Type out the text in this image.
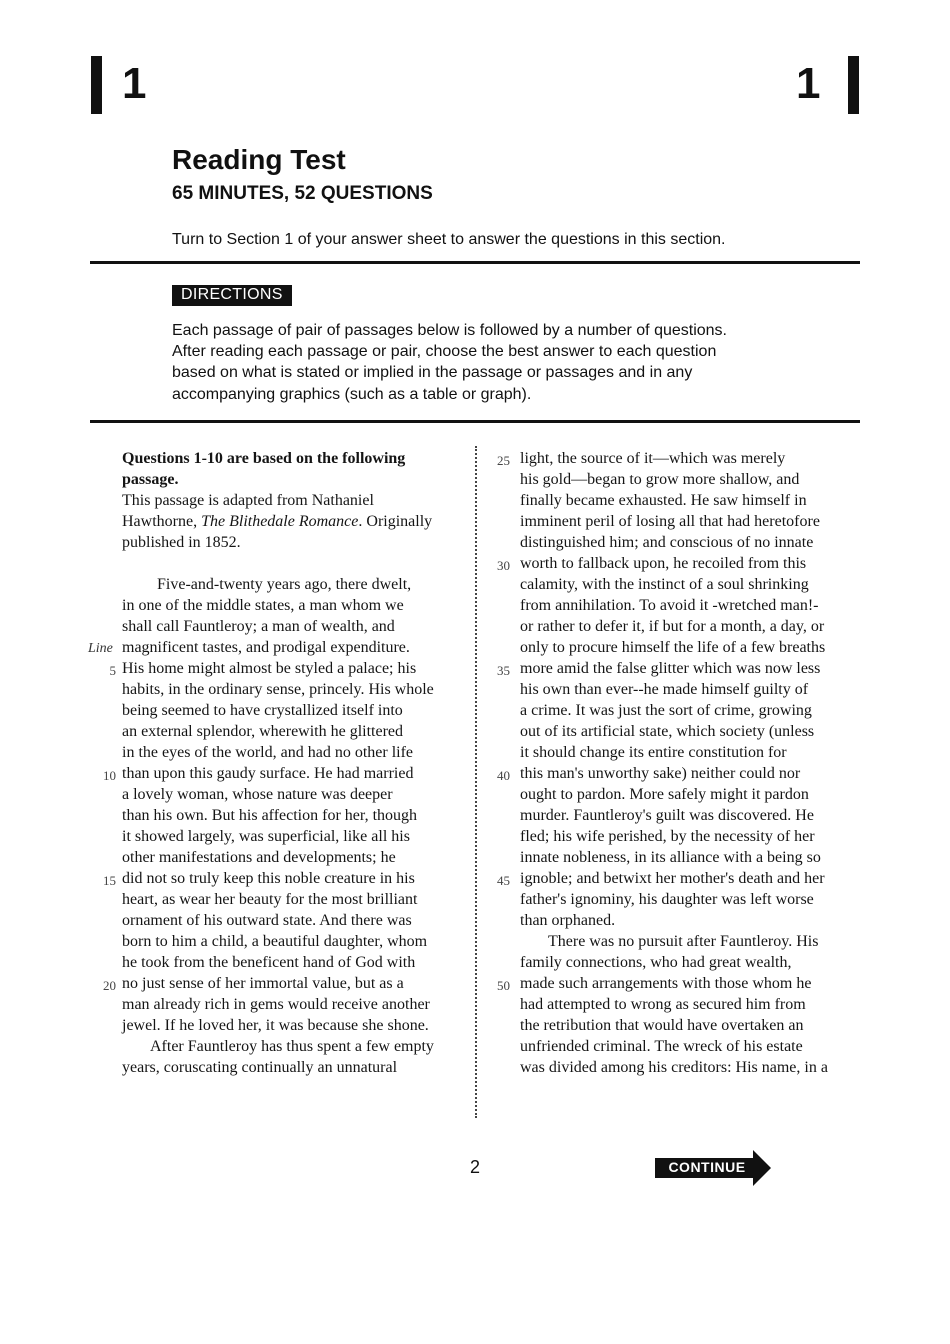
1	1
Reading Test
65 MINUTES, 52 QUESTIONS
Turn to Section 1 of your answer sheet to answer the questions in this section.
DIRECTIONS
Each passage of pair of passages below is followed by a number of questions.
After reading each passage or pair, choose the best answer to each question
based on what is stated or implied in the passage or passages and in any
accompanying graphics (such as a table or graph).
Questions 1-10 are based on the following
passage.
This passage is adapted from Nathaniel
Hawthorne, The Blithedale Romance. Originally
published in 1852.
Five-and-twenty years ago, there dwelt,
in one of the middle states, a man whom we
shall call Fauntleroy; a man of wealth, and
Line magnificent tastes, and prodigal expenditure.
5 His home might almost be styled a palace; his
habits, in the ordinary sense, princely. His whole
being seemed to have crystallized itself into
an external splendor, wherewith he glittered
in the eyes of the world, and had no other life
10 than upon this gaudy surface. He had married
a lovely woman, whose nature was deeper
than his own. But his affection for her, though
it showed largely, was superficial, like all his
other manifestations and developments; he
15 did not so truly keep this noble creature in his
heart, as wear her beauty for the most brilliant
ornament of his outward state. And there was
born to him a child, a beautiful daughter, whom
he took from the beneficent hand of God with
20 no just sense of her immortal value, but as a
man already rich in gems would receive another
jewel. If he loved her, it was because she shone.
After Fauntleroy has thus spent a few empty
years, coruscating continually an unnatural
25 light, the source of it—which was merely
his gold—began to grow more shallow, and
finally became exhausted. He saw himself in
imminent peril of losing all that had heretofore
distinguished him; and conscious of no innate
30 worth to fallback upon, he recoiled from this
calamity, with the instinct of a soul shrinking
from annihilation. To avoid it -wretched man!-
or rather to defer it, if but for a month, a day, or
only to procure himself the life of a few breaths
35 more amid the false glitter which was now less
his own than ever--he made himself guilty of
a crime. It was just the sort of crime, growing
out of its artificial state, which society (unless
it should change its entire constitution for
40 this man's unworthy sake) neither could nor
ought to pardon. More safely might it pardon
murder. Fauntleroy's guilt was discovered. He
fled; his wife perished, by the necessity of her
innate nobleness, in its alliance with a being so
45 ignoble; and betwixt her mother's death and her
father's ignominy, his daughter was left worse
than orphaned.
There was no pursuit after Fauntleroy. His
family connections, who had great wealth,
50 made such arrangements with those whom he
had attempted to wrong as secured him from
the retribution that would have overtaken an
unfriended criminal. The wreck of his estate
was divided among his creditors: His name, in a
2	CONTINUE
